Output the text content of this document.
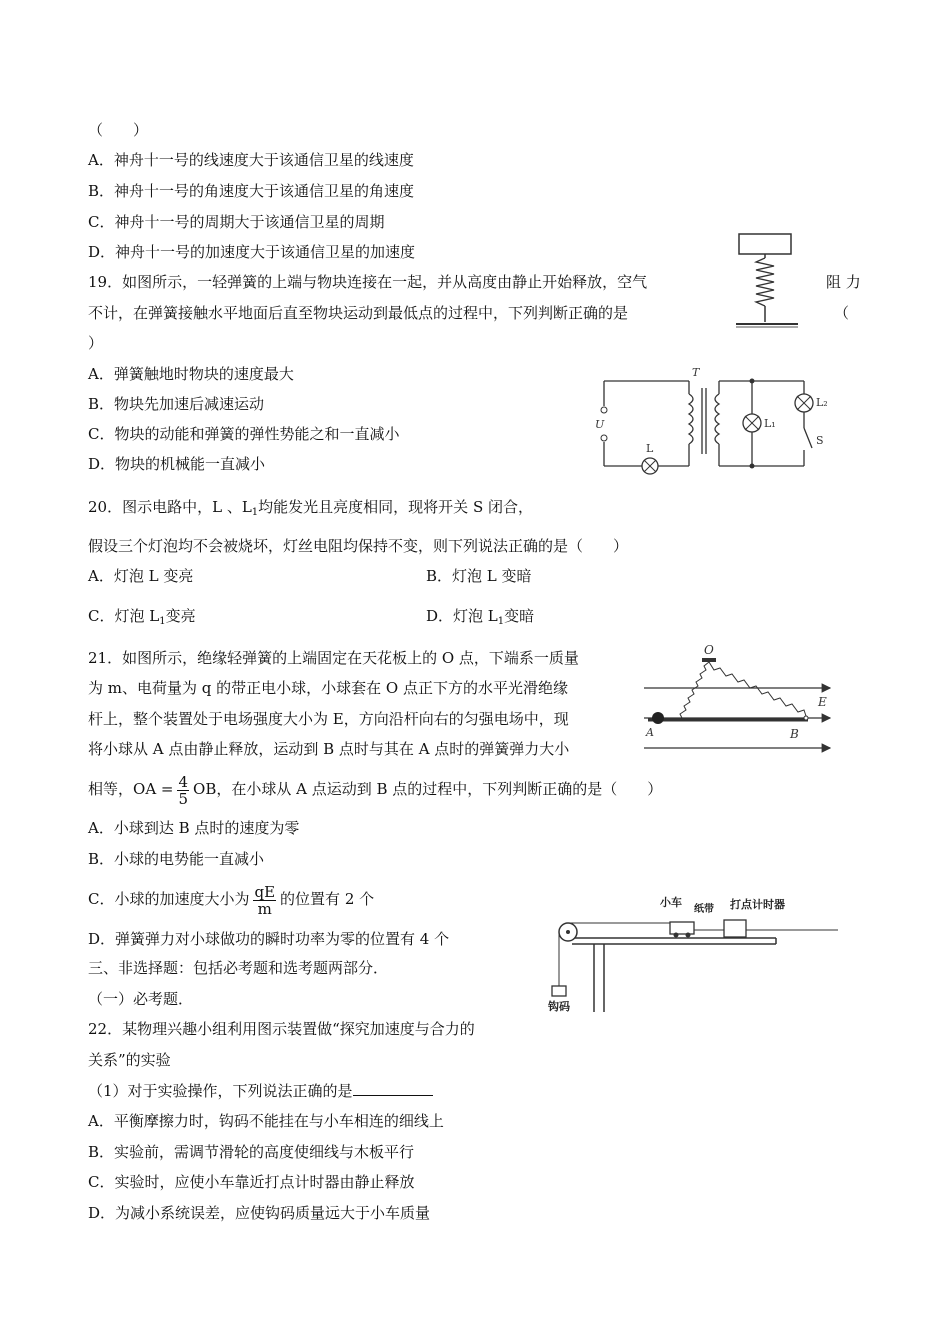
（　　）
A．神舟十一号的线速度大于该通信卫星的线速度
B．神舟十一号的角速度大于该通信卫星的角速度
C．神舟十一号的周期大于该通信卫星的周期
D．神舟十一号的加速度大于该通信卫星的加速度
19．如图所示，一轻弹簧的上端与物块连接在一起，并从高度由静止开始释放，空气	阻 力
不计，在弹簧接触水平地面后直至物块运动到最低点的过程中，下列判断正确的是	（
）
A．弹簧触地时物块的速度最大
B．物块先加速后减速运动
C．物块的动能和弹簧的弹性势能之和一直减小
D．物块的机械能一直减小
T
U
L
L₁
L₂
S
20．图示电路中，L 、$L_1$均能发光且亮度相同，现将开关 S 闭合，
假设三个灯泡均不会被烧坏，灯丝电阻均保持不变，则下列说法正确的是（　　）
A．灯泡 L 变亮	B．灯泡 L 变暗
C．灯泡 $L_1$变亮	D．灯泡 $L_1$变暗
O
E
A	B
21．如图所示，绝缘轻弹簧的上端固定在天花板上的 O 点，下端系一质量
为 m、电荷量为 q 的带正电小球，小球套在 O 点正下方的水平光滑绝缘
杆上，整个装置处于电场强度大小为 E，方向沿杆向右的匀强电场中，现
将小球从 A 点由静止释放，运动到 B 点时与其在 A 点时的弹簧弹力大小
相等，OA = $\frac{4}{5}$ OB，在小球从 A 点运动到 B 点的过程中，下列判断正确的是（　　）
A．小球到达 B 点时的速度为零
B．小球的电势能一直减小
C．小球的加速度大小为 $\frac{qE}{m}$ 的位置有 2 个
D．弹簧弹力对小球做功的瞬时功率为零的位置有 4 个
小车
纸带 打点计时器
钩码
三、非选择题：包括必考题和选考题两部分．
（一）必考题．
22．某物理兴趣小组利用图示装置做“探究加速度与合力的
关系”的实验
（1）对于实验操作，下列说法正确的是
A．平衡摩擦力时，钩码不能挂在与小车相连的细线上
B．实验前，需调节滑轮的高度使细线与木板平行
C．实验时，应使小车靠近打点计时器由静止释放
D．为减小系统误差，应使钩码质量远大于小车质量
